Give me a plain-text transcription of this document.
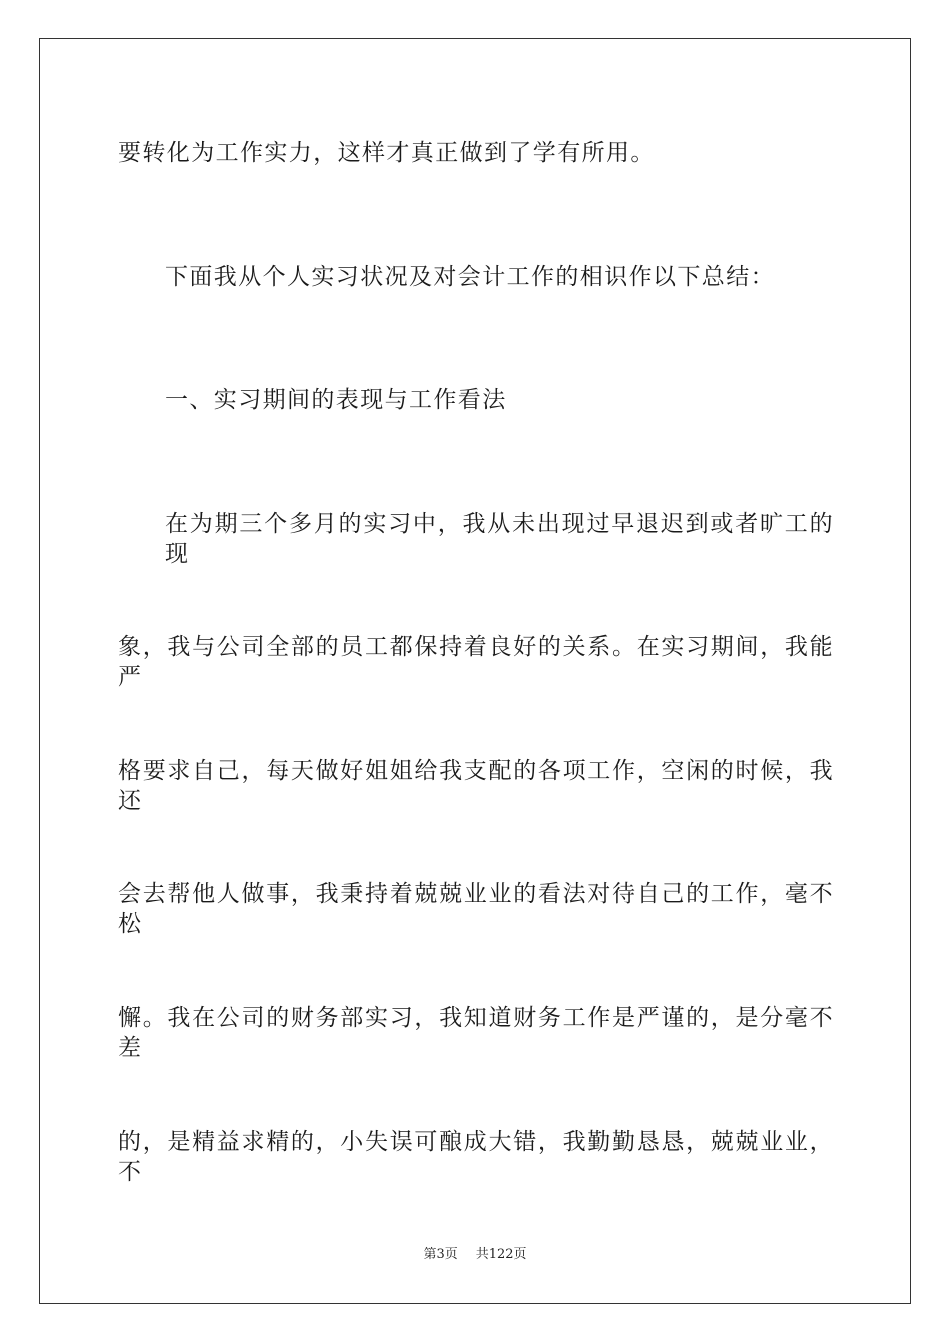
要转化为工作实力，这样才真正做到了学有所用。
下面我从个人实习状况及对会计工作的相识作以下总结：
一、实习期间的表现与工作看法
在为期三个多月的实习中，我从未出现过早退迟到或者旷工的现
象，我与公司全部的员工都保持着良好的关系。在实习期间，我能严
格要求自己，每天做好姐姐给我支配的各项工作，空闲的时候，我还
会去帮他人做事，我秉持着兢兢业业的看法对待自己的工作，毫不松
懈。我在公司的财务部实习，我知道财务工作是严谨的，是分毫不差
的，是精益求精的，小失误可酿成大错，我勤勤恳恳，兢兢业业，不
第3页 共122页
